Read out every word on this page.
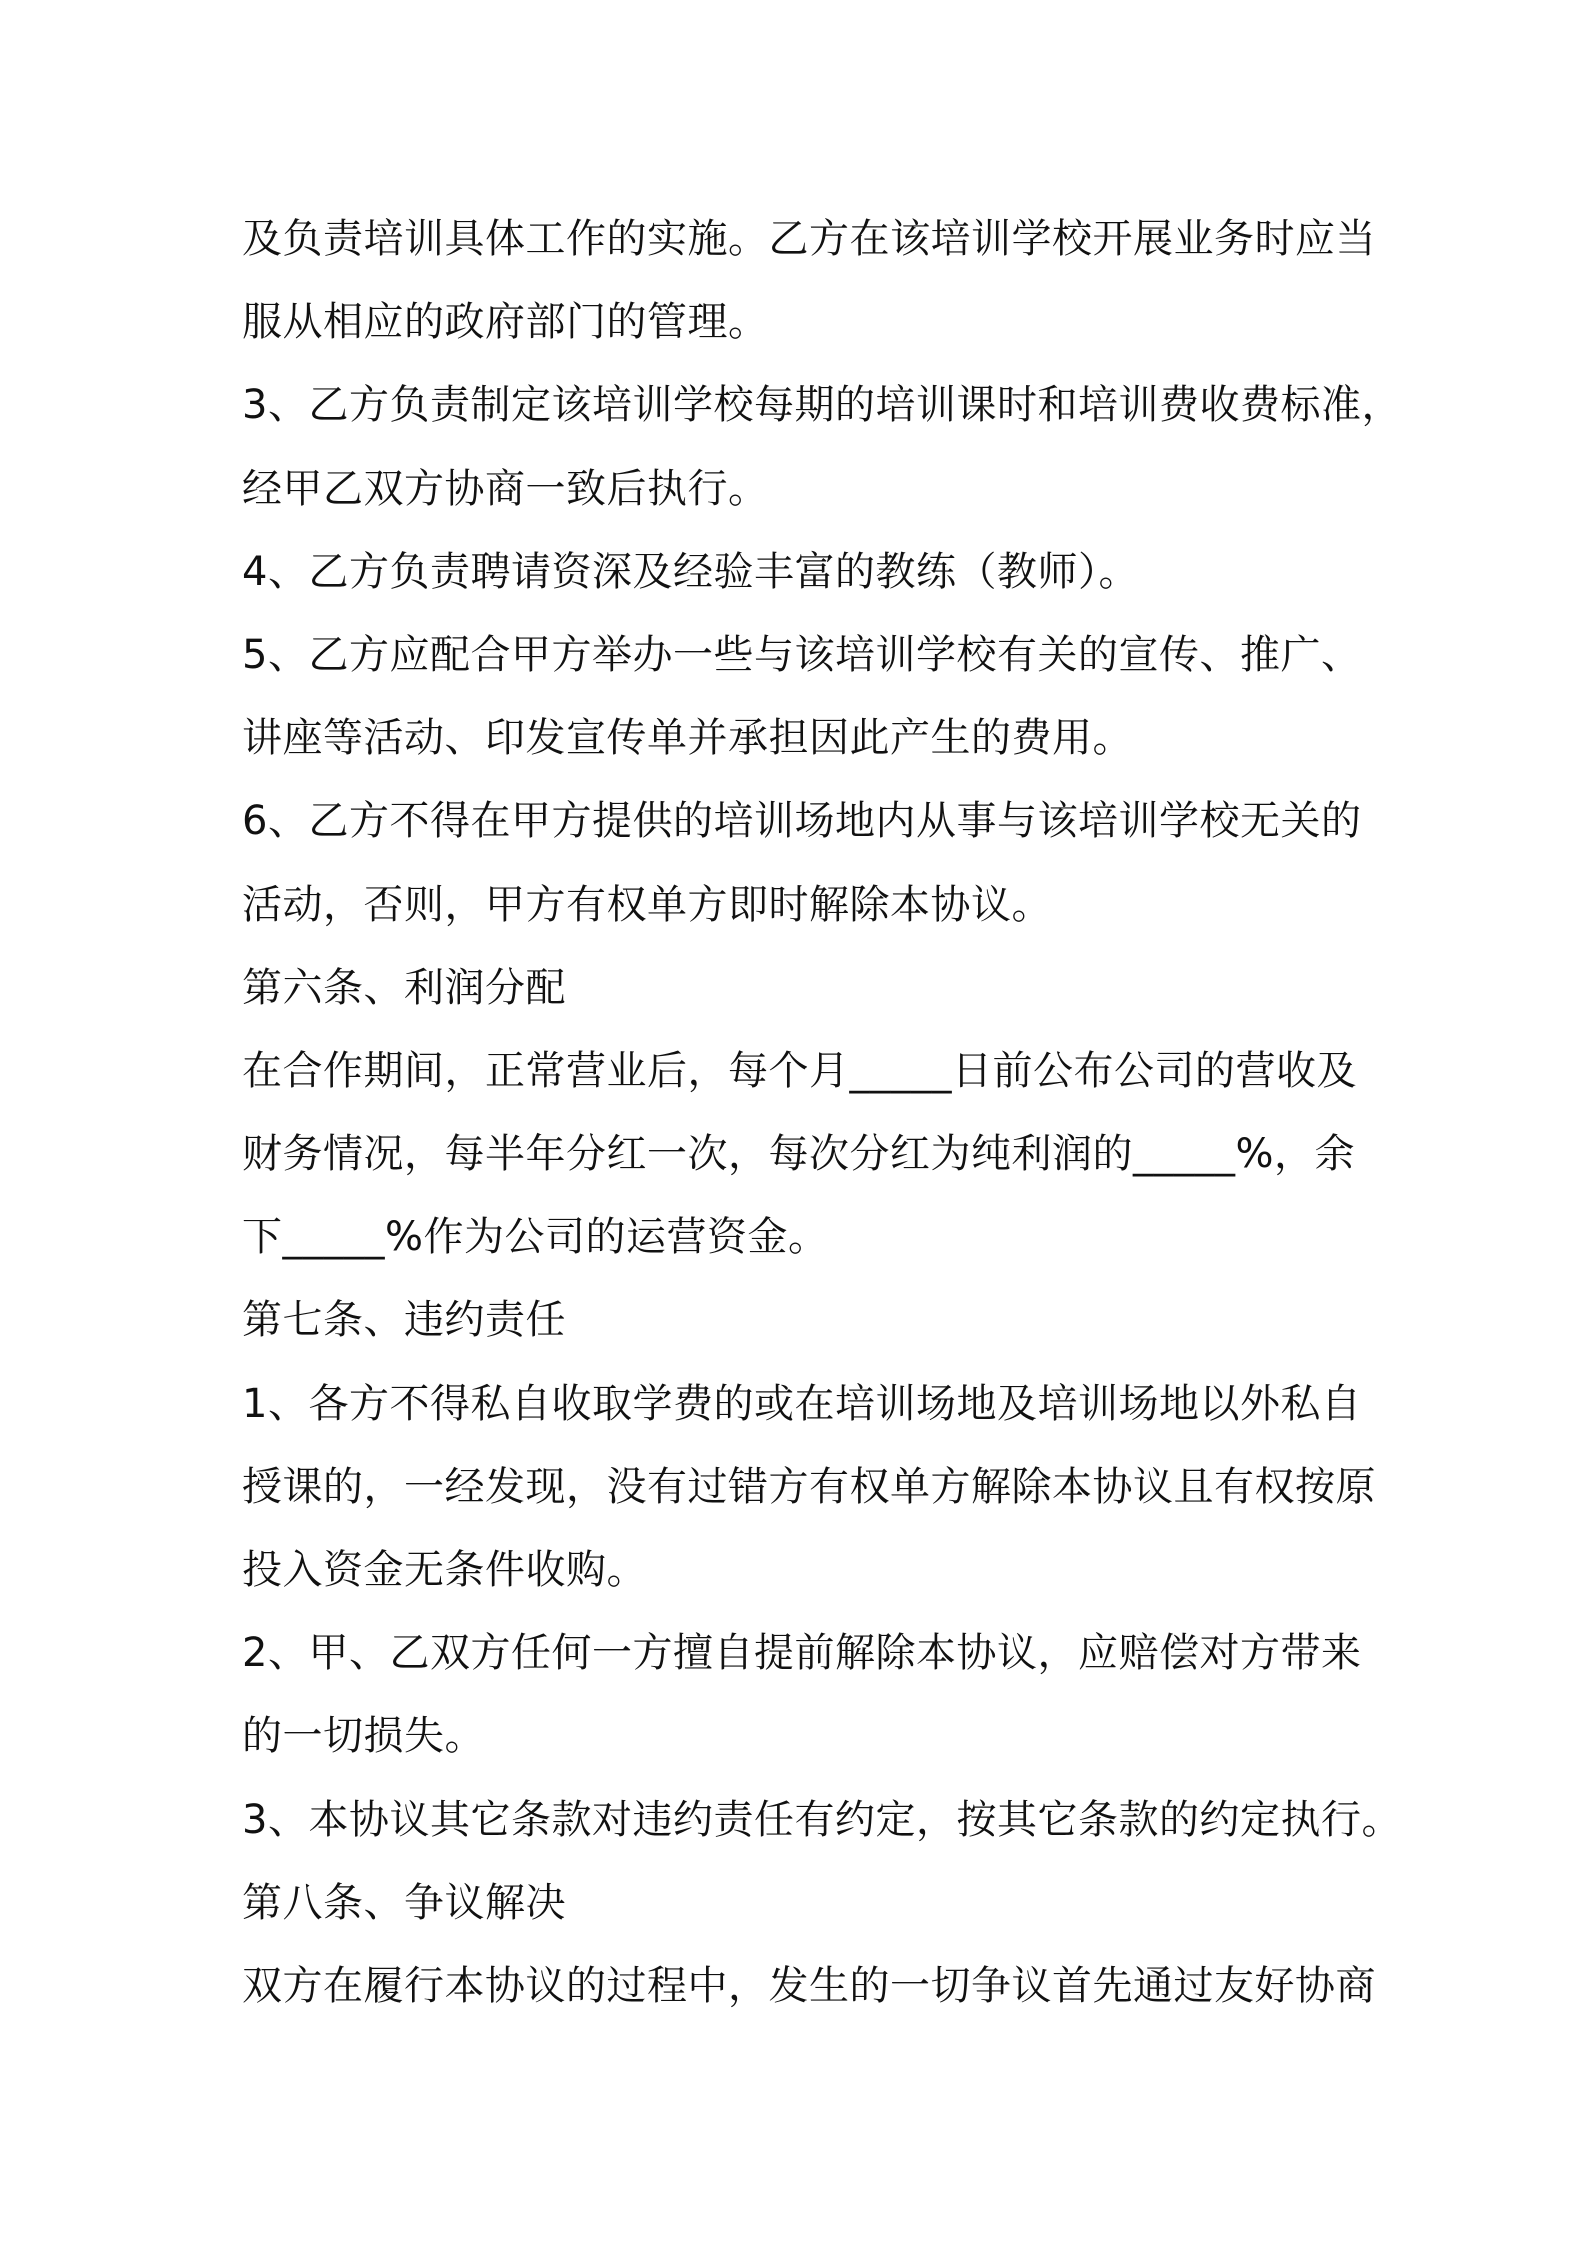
及负责培训具体工作的实施。乙方在该培训学校开展业务时应当
服从相应的政府部门的管理。
3、乙方负责制定该培训学校每期的培训课时和培训费收费标准，
经甲乙双方协商一致后执行。
4、乙方负责聘请资深及经验丰富的教练（教师）。
5、乙方应配合甲方举办一些与该培训学校有关的宣传、推广、
讲座等活动、印发宣传单并承担因此产生的费用。
6、乙方不得在甲方提供的培训场地内从事与该培训学校无关的
活动，否则，甲方有权单方即时解除本协议。
第六条、利润分配
在合作期间，正常营业后，每个月_____日前公布公司的营收及
财务情况，每半年分红一次，每次分红为纯利润的_____%，余
下_____%作为公司的运营资金。
第七条、违约责任
1、各方不得私自收取学费的或在培训场地及培训场地以外私自
授课的，一经发现，没有过错方有权单方解除本协议且有权按原
投入资金无条件收购。
2、甲、乙双方任何一方擅自提前解除本协议，应赔偿对方带来
的一切损失。
3、本协议其它条款对违约责任有约定，按其它条款的约定执行。
第八条、争议解决
双方在履行本协议的过程中，发生的一切争议首先通过友好协商
